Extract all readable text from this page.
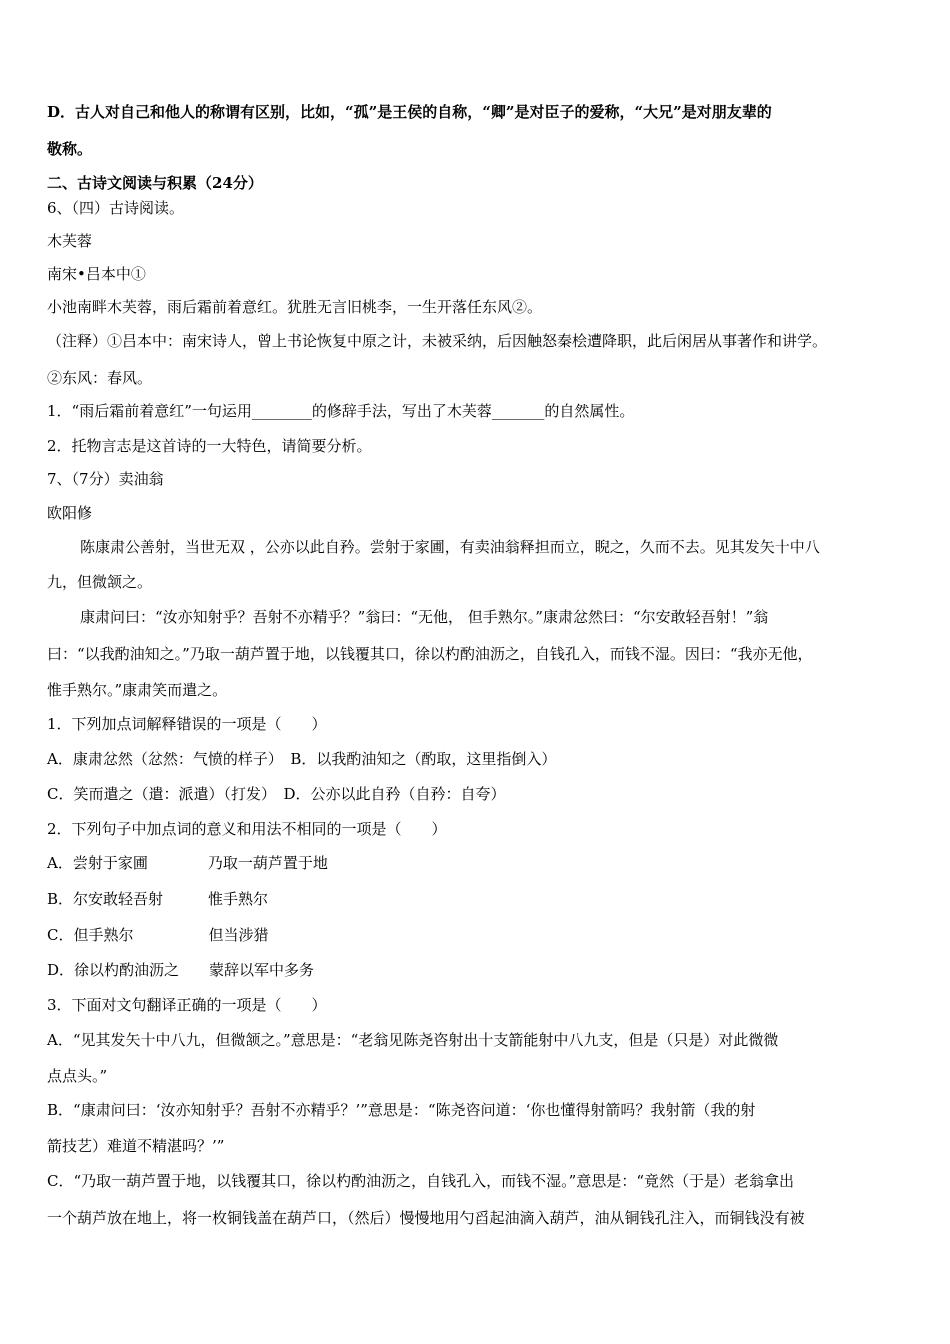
D．古人对自己和他人的称谓有区别，比如，“孤”是王侯的自称，“卿”是对臣子的爱称，“大兄”是对朋友辈的
敬称。
二、古诗文阅读与积累（24分）
6、（四）古诗阅读。
木芙蓉
南宋•吕本中①
小池南畔木芙蓉，雨后霜前着意红。犹胜无言旧桃李，一生开落任东风②。
（注释）①吕本中：南宋诗人，曾上书论恢复中原之计，未被采纳，后因触怒秦桧遭降职，此后闲居从事著作和讲学。
②东风：春风。
1．“雨后霜前着意红”一句运用________的修辞手法，写出了木芙蓉_______的自然属性。
2．托物言志是这首诗的一大特色，请简要分析。
7、（7分）卖油翁
欧阳修
陈康肃公善射，当世无双 ，公亦以此自矜。尝射于家圃，有卖油翁释担而立，睨之，久而不去。见其发矢十中八
九，但微颔之。
康肃问曰：“汝亦知射乎？吾射不亦精乎？”翁曰：“无他， 但手熟尔。”康肃忿然曰：“尔安敢轻吾射！”翁
曰：“以我酌油知之。”乃取一葫芦置于地，以钱覆其口，徐以杓酌油沥之，自钱孔入，而钱不湿。因曰：“我亦无他，
惟手熟尔。”康肃笑而遣之。
1．下列加点词解释错误的一项是（　　）
A．康肃忿然（忿然：气愤的样子）　B．以我酌油知之（酌取，这里指倒入）
C．笑而遣之（遣：派遣）（打发）　D．公亦以此自矜（自矜：自夸）
2．下列句子中加点词的意义和用法不相同的一项是（　　）
A．尝射于家圃　　　　乃取一葫芦置于地
B．尔安敢轻吾射　　　惟手熟尔
C．但手熟尔　　　　　但当涉猎
D．徐以杓酌油沥之　　蒙辞以军中多务
3．下面对文句翻译正确的一项是（　　）
A．“见其发矢十中八九，但微颔之。”意思是：“老翁见陈尧咨射出十支箭能射中八九支，但是（只是）对此微微
点点头。”
B．“康肃问曰：‘汝亦知射乎？吾射不亦精乎？’”意思是：“陈尧咨问道：‘你也懂得射箭吗？我射箭（我的射
箭技艺）难道不精湛吗？’”
C．“乃取一葫芦置于地，以钱覆其口，徐以杓酌油沥之，自钱孔入，而钱不湿。”意思是：“竟然（于是）老翁拿出
一个葫芦放在地上，将一枚铜钱盖在葫芦口，（然后）慢慢地用勺舀起油滴入葫芦，油从铜钱孔注入，而铜钱没有被
